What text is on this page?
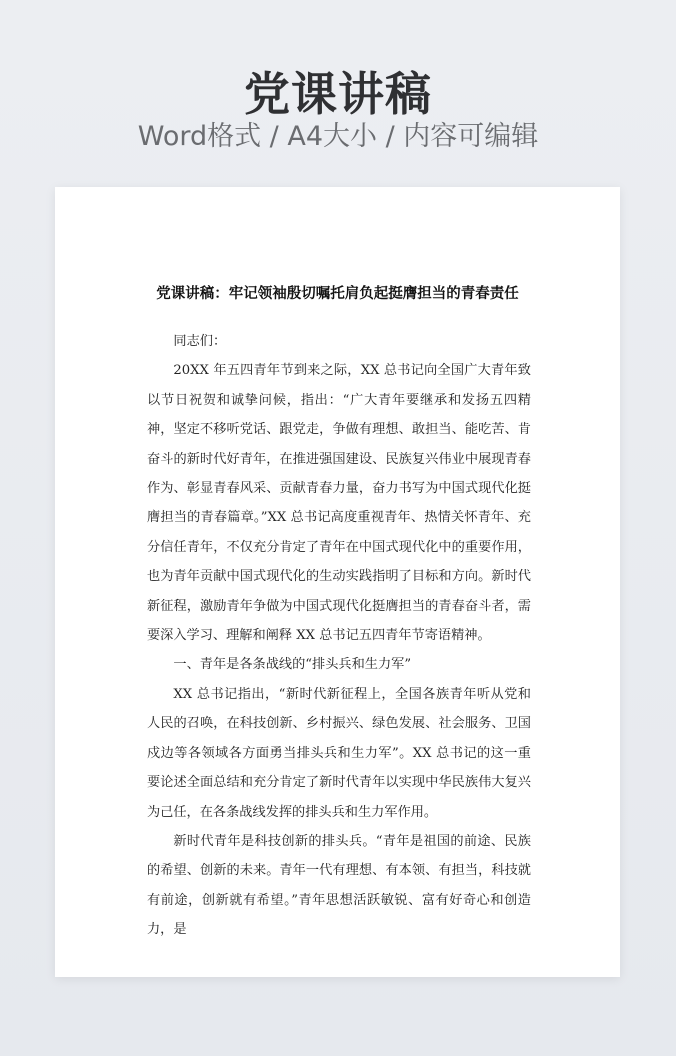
党课讲稿
Word格式 / A4大小 / 内容可编辑
党课讲稿：牢记领袖殷切嘱托肩负起挺膺担当的青春责任

同志们：

20XX 年五四青年节到来之际，XX 总书记向全国广大青年致以节日祝贺和诚挚问候，指出：“广大青年要继承和发扬五四精神，坚定不移听党话、跟党走，争做有理想、敢担当、能吃苦、肯奋斗的新时代好青年，在推进强国建设、民族复兴伟业中展现青春作为、彰显青春风采、贡献青春力量，奋力书写为中国式现代化挺膺担当的青春篇章。”XX 总书记高度重视青年、热情关怀青年、充分信任青年，不仅充分肯定了青年在中国式现代化中的重要作用，也为青年贡献中国式现代化的生动实践指明了目标和方向。新时代新征程，激励青年争做为中国式现代化挺膺担当的青春奋斗者，需要深入学习、理解和阐释 XX 总书记五四青年节寄语精神。

一、青年是各条战线的“排头兵和生力军”

XX 总书记指出，“新时代新征程上，全国各族青年听从党和人民的召唤，在科技创新、乡村振兴、绿色发展、社会服务、卫国戍边等各领域各方面勇当排头兵和生力军”。XX 总书记的这一重要论述全面总结和充分肯定了新时代青年以实现中华民族伟大复兴为己任，在各条战线发挥的排头兵和生力军作用。

新时代青年是科技创新的排头兵。“青年是祖国的前途、民族的希望、创新的未来。青年一代有理想、有本领、有担当，科技就有前途，创新就有希望。”青年思想活跃敏锐、富有好奇心和创造力，是
